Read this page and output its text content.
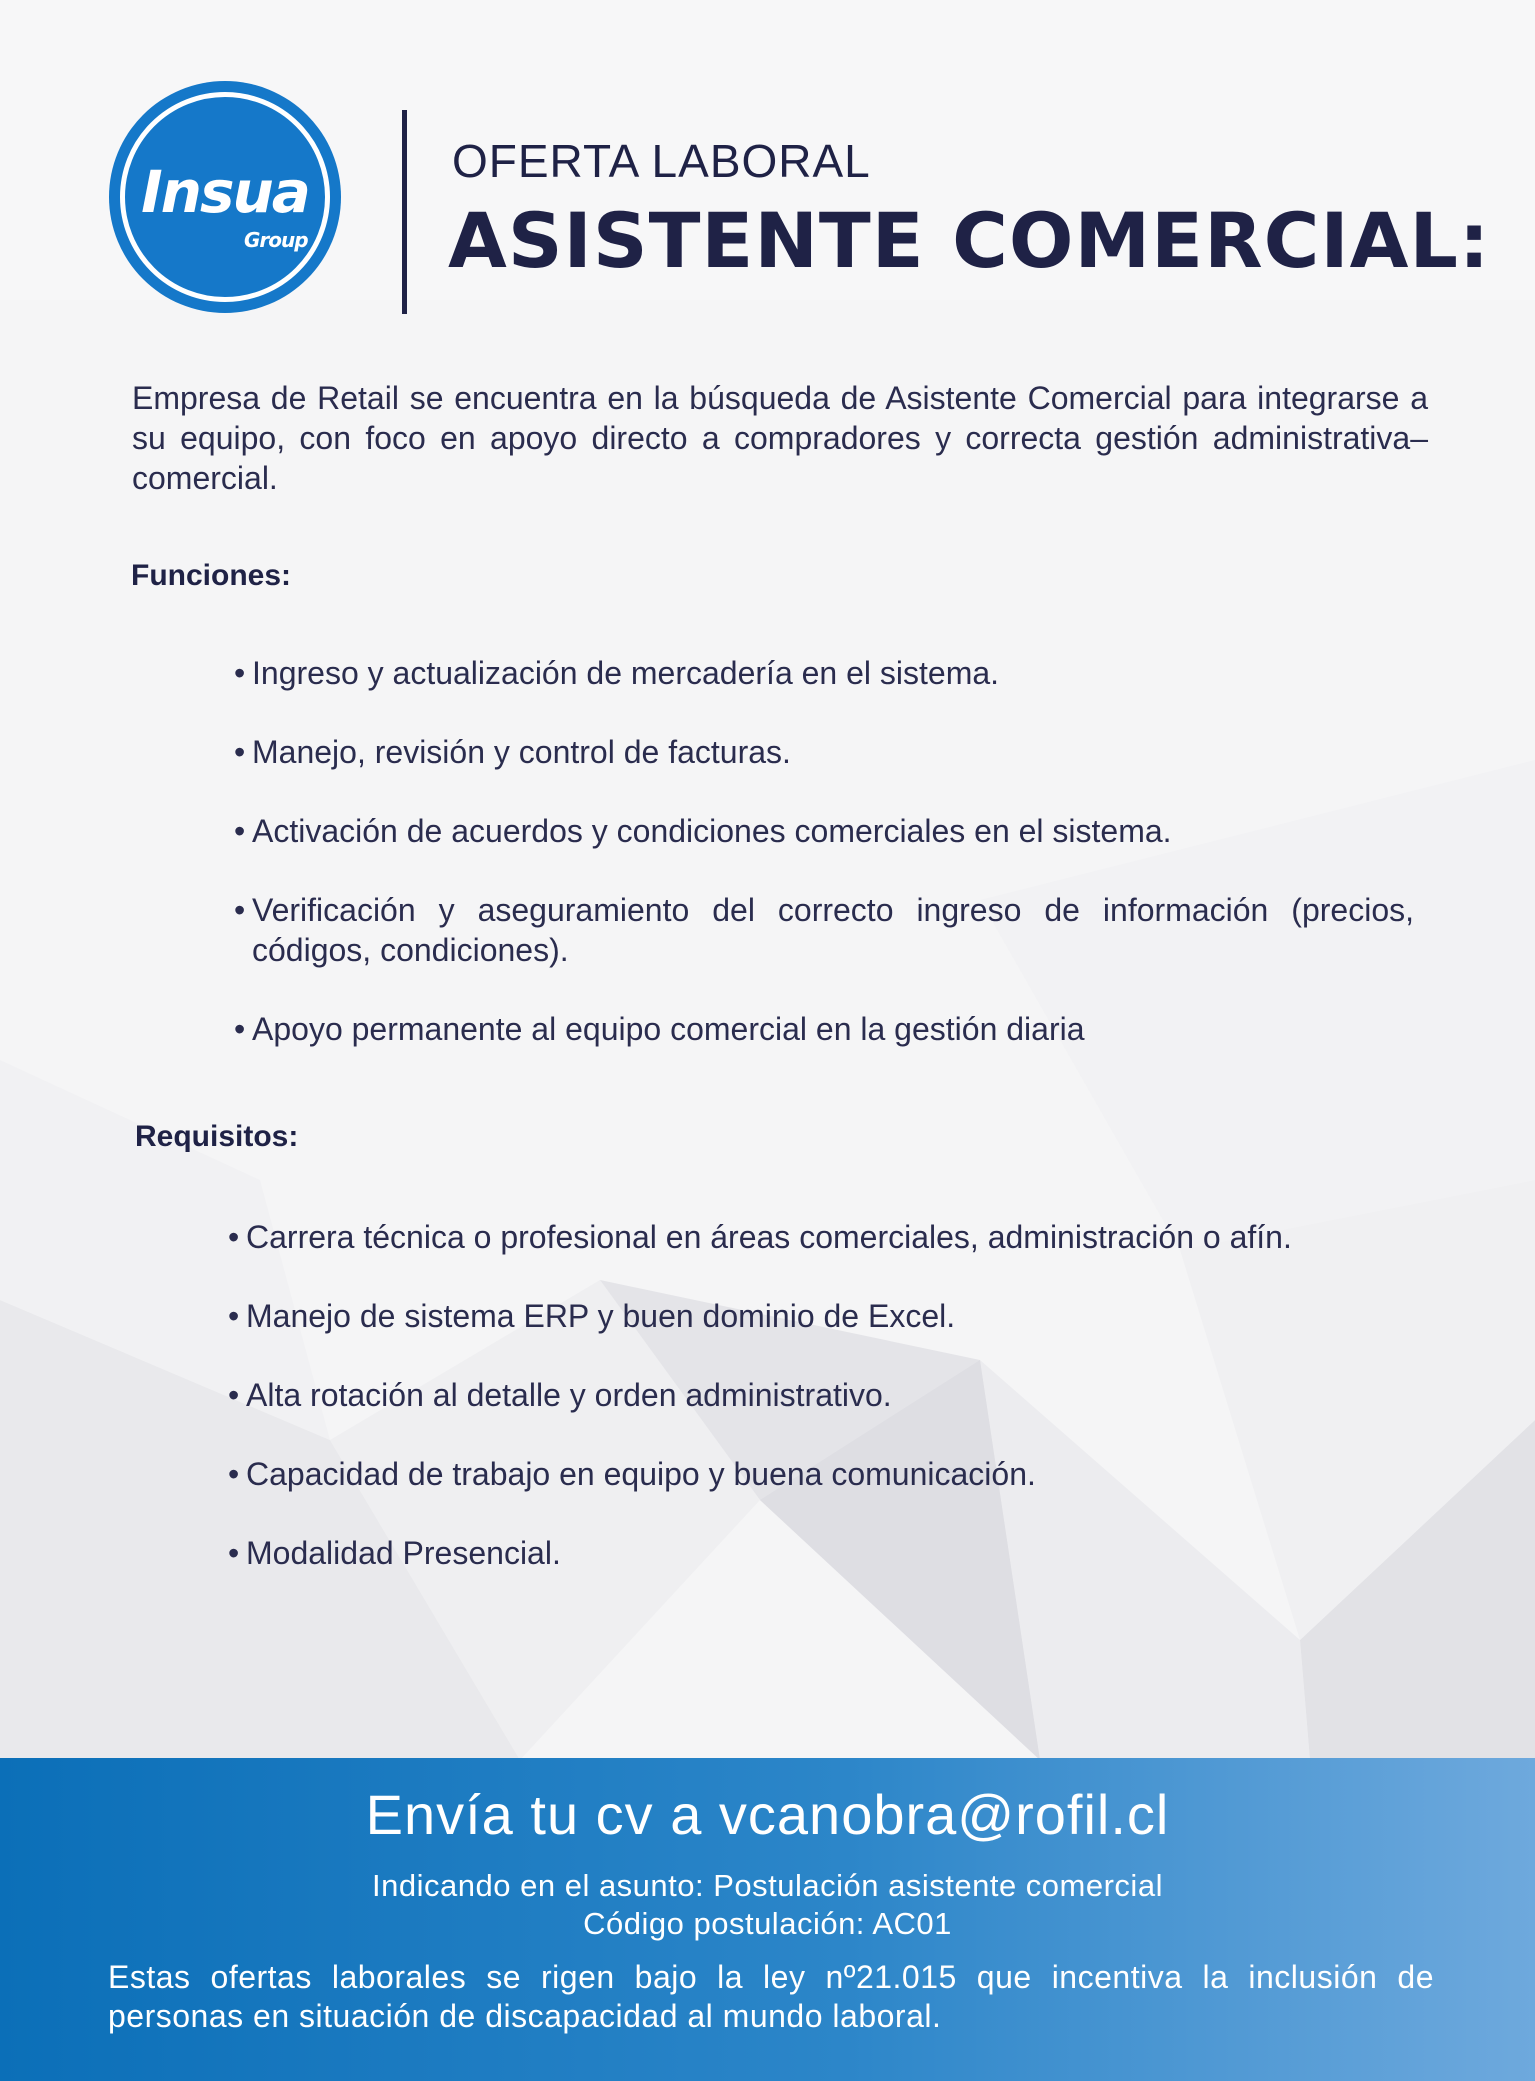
Insua
Group
OFERTA LABORAL
ASISTENTE COMERCIAL:

Empresa de Retail se encuentra en la búsqueda de Asistente Comercial para integrarse a su equipo, con foco en apoyo directo a compradores y correcta gestión administrativa–comercial.

Funciones:
• Ingreso y actualización de mercadería en el sistema.
• Manejo, revisión y control de facturas.
• Activación de acuerdos y condiciones comerciales en el sistema.
• Verificación y aseguramiento del correcto ingreso de información (precios, códigos, condiciones).
• Apoyo permanente al equipo comercial en la gestión diaria
Requisitos:
• Carrera técnica o profesional en áreas comerciales, administración o afín.
• Manejo de sistema ERP y buen dominio de Excel.
• Alta rotación al detalle y orden administrativo.
• Capacidad de trabajo en equipo y buena comunicación.
• Modalidad Presencial.
Envía tu cv a vcanobra@rofil.cl
Indicando en el asunto: Postulación asistente comercial
Código postulación: AC01

Estas ofertas laborales se rigen bajo la ley nº21.015 que incentiva la inclusión de personas en situación de discapacidad al mundo laboral.
